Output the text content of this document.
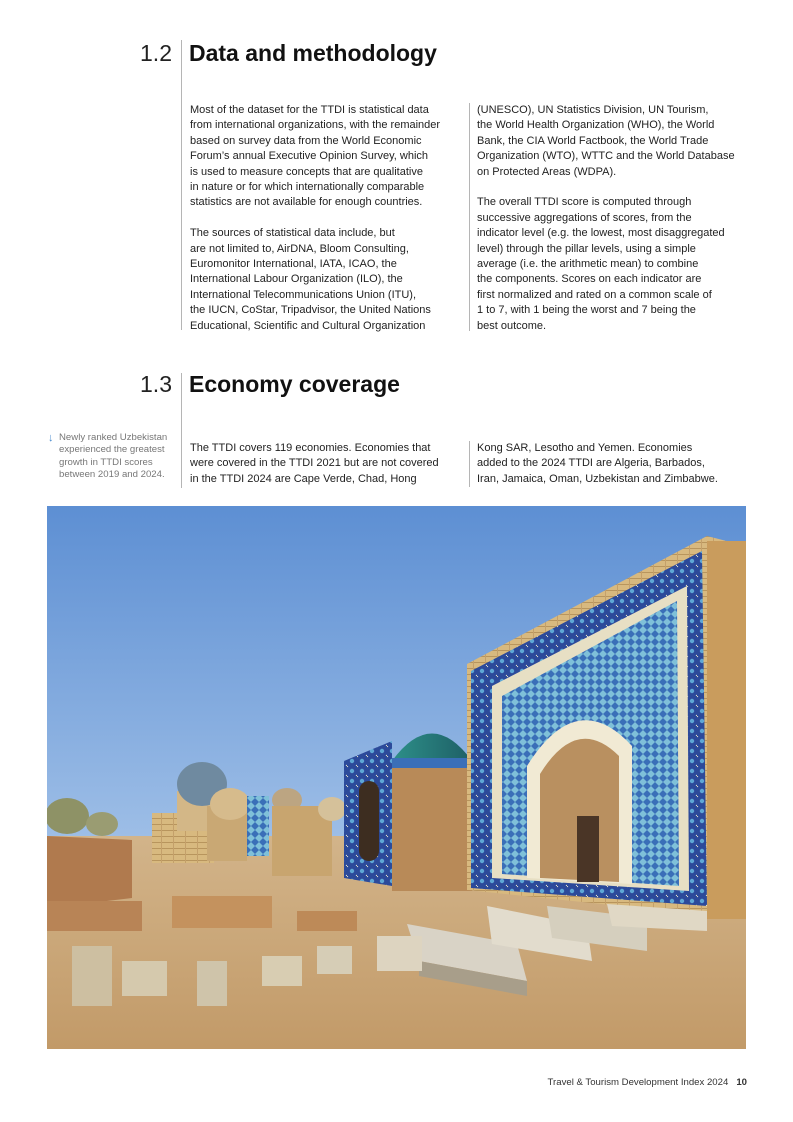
1.2 Data and methodology

Most of the dataset for the TTDI is statistical data
from international organizations, with the remainder
based on survey data from the World Economic
Forum’s annual Executive Opinion Survey, which
is used to measure concepts that are qualitative
in nature or for which internationally comparable
statistics are not available for enough countries.

The sources of statistical data include, but
are not limited to, AirDNA, Bloom Consulting,
Euromonitor International, IATA, ICAO, the
International Labour Organization (ILO), the
International Telecommunications Union (ITU),
the IUCN, CoStar, Tripadvisor, the United Nations
Educational, Scientific and Cultural Organization

(UNESCO), UN Statistics Division, UN Tourism,
the World Health Organization (WHO), the World
Bank, the CIA World Factbook, the World Trade
Organization (WTO), WTTC and the World Database
on Protected Areas (WDPA).

The overall TTDI score is computed through
successive aggregations of scores, from the
indicator level (e.g. the lowest, most disaggregated
level) through the pillar levels, using a simple
average (i.e. the arithmetic mean) to combine
the components. Scores on each indicator are
first normalized and rated on a common scale of
1 to 7, with 1 being the worst and 7 being the
best outcome.

1.3 Economy coverage
↓ Newly ranked Uzbekistan
experienced the greatest
growth in TTDI scores
between 2019 and 2024.

The TTDI covers 119 economies. Economies that
were covered in the TTDI 2021 but are not covered
in the TTDI 2024 are Cape Verde, Chad, Hong

Kong SAR, Lesotho and Yemen. Economies
added to the 2024 TTDI are Algeria, Barbados,
Iran, Jamaica, Oman, Uzbekistan and Zimbabwe.

Travel & Tourism Development Index 2024 10
